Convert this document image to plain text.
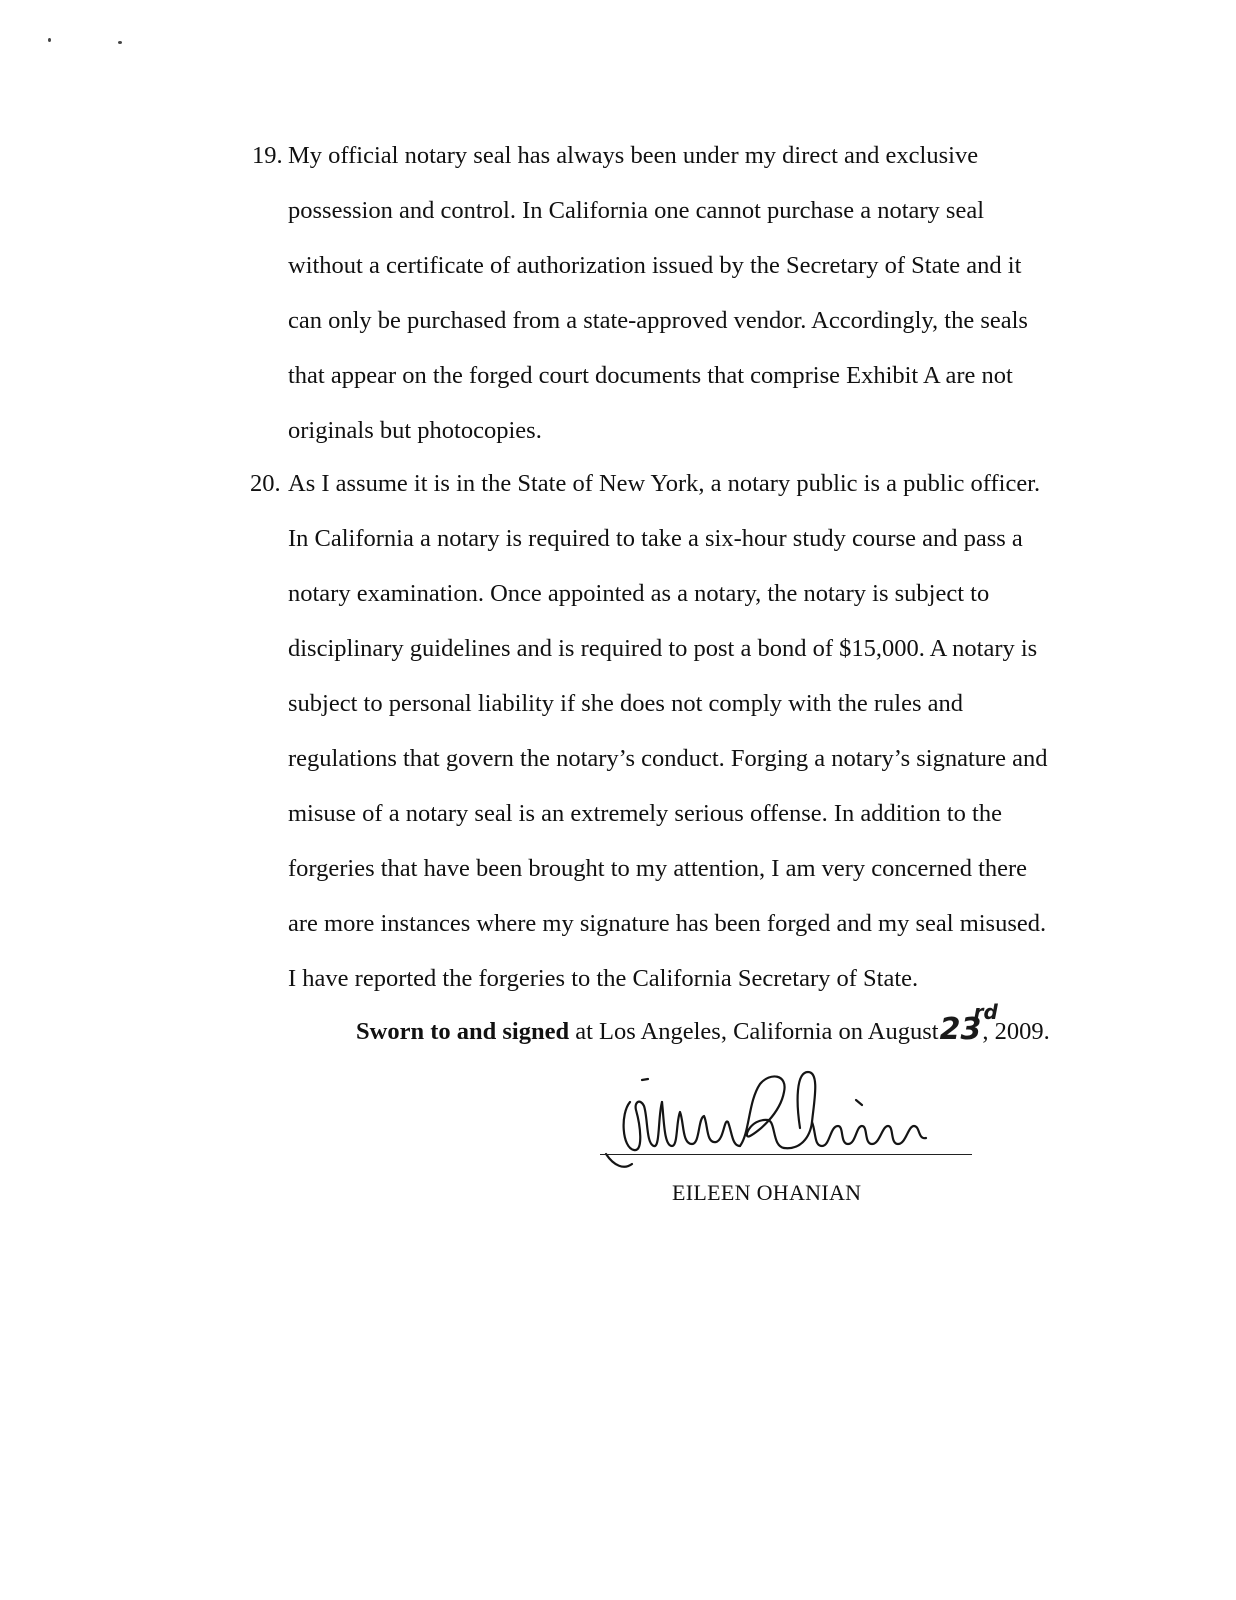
19. My official notary seal has always been under my direct and exclusive
possession and control. In California one cannot purchase a notary seal
without a certificate of authorization issued by the Secretary of State and it
can only be purchased from a state-approved vendor. Accordingly, the seals
that appear on the forged court documents that comprise Exhibit A are not
originals but photocopies.
20. As I assume it is in the State of New York, a notary public is a public officer.
In California a notary is required to take a six-hour study course and pass a
notary examination. Once appointed as a notary, the notary is subject to
disciplinary guidelines and is required to post a bond of $15,000. A notary is
subject to personal liability if she does not comply with the rules and
regulations that govern the notary’s conduct. Forging a notary’s signature and
misuse of a notary seal is an extremely serious offense. In addition to the
forgeries that have been brought to my attention, I am very concerned there
are more instances where my signature has been forged and my seal misused.
I have reported the forgeries to the California Secretary of State.
Sworn to and signed at Los Angeles, California on August23
rd
, 2009.
EILEEN OHANIAN
